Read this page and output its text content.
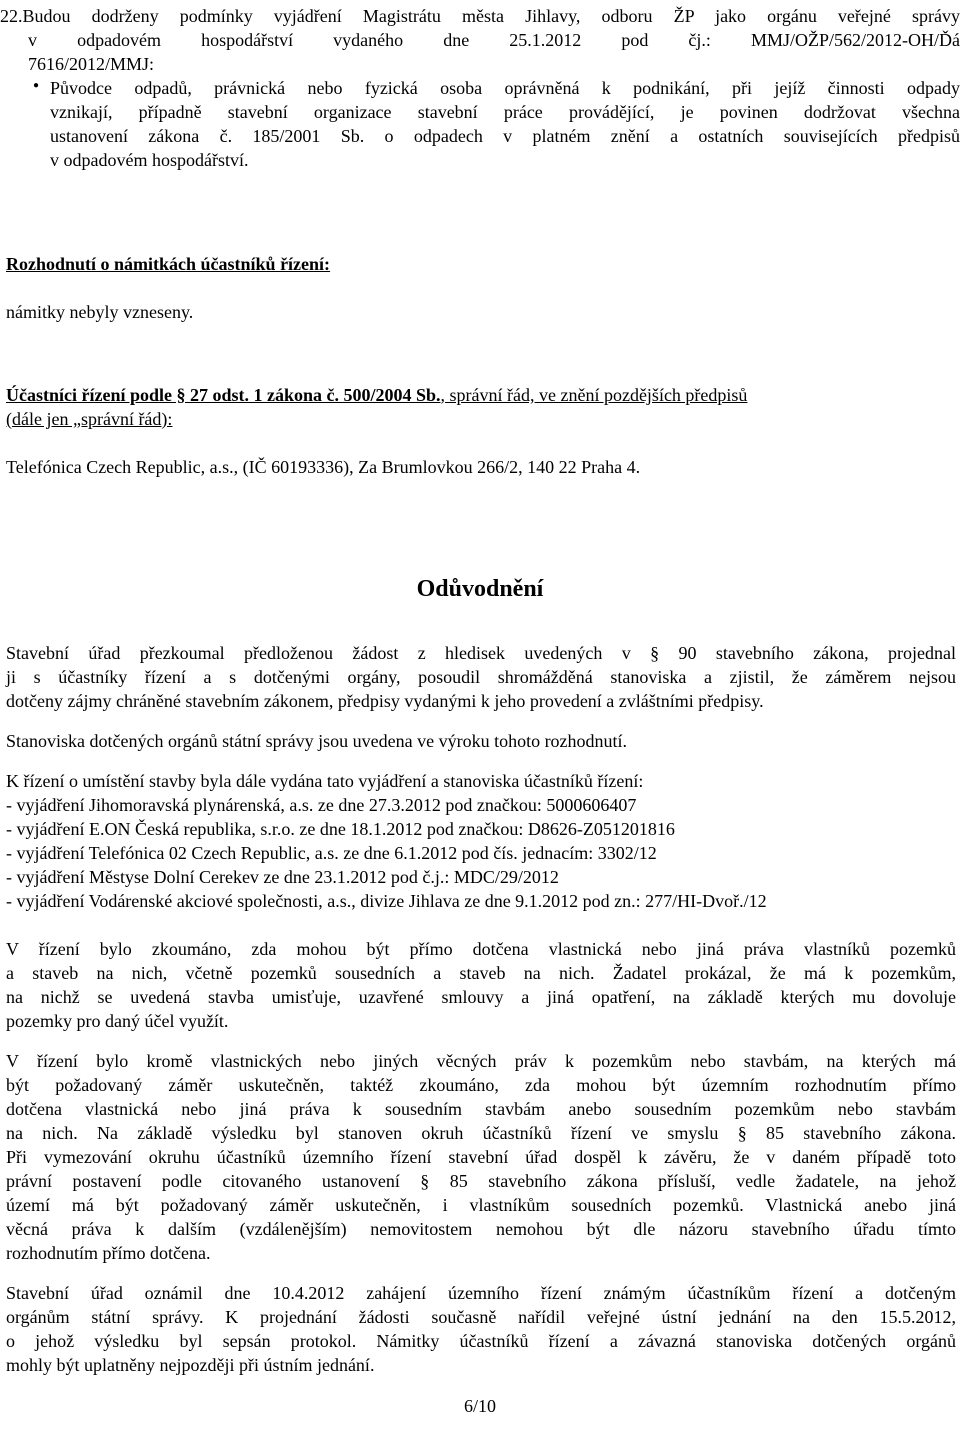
22.Budou dodrženy podmínky vyjádření Magistrátu města Jihlavy, odboru ŽP jako orgánu veřejné správy
v odpadovém hospodářství vydaného dne 25.1.2012 pod čj.: MMJ/OŽP/562/2012-OH/Ďá
7616/2012/MMJ:
● Původce odpadů, právnická nebo fyzická osoba oprávněná k podnikání, při jejíž činnosti odpady
vznikají, případně stavební organizace stavební práce provádějící, je povinen dodržovat všechna
ustanovení zákona č. 185/2001 Sb. o odpadech v platném znění a ostatních souvisejících předpisů
v odpadovém hospodářství.
Rozhodnutí o námitkách účastníků řízení:
námitky nebyly vzneseny.
Účastníci řízení podle § 27 odst. 1 zákona č. 500/2004 Sb., správní řád, ve znění pozdějších předpisů
(dále jen „správní řád):
Telefónica Czech Republic, a.s., (IČ 60193336), Za Brumlovkou 266/2, 140 22 Praha 4.
Odůvodnění
Stavební úřad přezkoumal předloženou žádost z hledisek uvedených v § 90 stavebního zákona, projednal
ji s účastníky řízení a s dotčenými orgány, posoudil shromážděná stanoviska a zjistil, že záměrem nejsou
dotčeny zájmy chráněné stavebním zákonem, předpisy vydanými k jeho provedení a zvláštními předpisy.
Stanoviska dotčených orgánů státní správy jsou uvedena ve výroku tohoto rozhodnutí.
K řízení o umístění stavby byla dále vydána tato vyjádření a stanoviska účastníků řízení:
- vyjádření Jihomoravská plynárenská, a.s. ze dne 27.3.2012 pod značkou: 5000606407
- vyjádření E.ON Česká republika, s.r.o. ze dne 18.1.2012 pod značkou: D8626-Z051201816
- vyjádření Telefónica 02 Czech Republic, a.s. ze dne 6.1.2012 pod čís. jednacím: 3302/12
- vyjádření Městyse Dolní Cerekev ze dne 23.1.2012 pod č.j.: MDC/29/2012
- vyjádření Vodárenské akciové společnosti, a.s., divize Jihlava ze dne 9.1.2012 pod zn.: 277/HI-Dvoř./12
V řízení bylo zkoumáno, zda mohou být přímo dotčena vlastnická nebo jiná práva vlastníků pozemků
a staveb na nich, včetně pozemků sousedních a staveb na nich. Žadatel prokázal, že má k pozemkům,
na nichž se uvedená stavba umisťuje, uzavřené smlouvy a jiná opatření, na základě kterých mu dovoluje
pozemky pro daný účel využít.
V řízení bylo kromě vlastnických nebo jiných věcných práv k pozemkům nebo stavbám, na kterých má
být požadovaný záměr uskutečněn, taktéž zkoumáno, zda mohou být územním rozhodnutím přímo
dotčena vlastnická nebo jiná práva k sousedním stavbám anebo sousedním pozemkům nebo stavbám
na nich. Na základě výsledku byl stanoven okruh účastníků řízení ve smyslu § 85 stavebního zákona.
Při vymezování okruhu účastníků územního řízení stavební úřad dospěl k závěru, že v daném případě toto
právní postavení podle citovaného ustanovení § 85 stavebního zákona přísluší, vedle žadatele, na jehož
území má být požadovaný záměr uskutečněn, i vlastníkům sousedních pozemků. Vlastnická anebo jiná
věcná práva k dalším (vzdálenějším) nemovitostem nemohou být dle názoru stavebního úřadu tímto
rozhodnutím přímo dotčena.
Stavební úřad oznámil dne 10.4.2012 zahájení územního řízení známým účastníkům řízení a dotčeným
orgánům státní správy. K projednání žádosti současně nařídil veřejné ústní jednání na den 15.5.2012,
o jehož výsledku byl sepsán protokol. Námitky účastníků řízení a závazná stanoviska dotčených orgánů
mohly být uplatněny nejpozději při ústním jednání.
6/10
